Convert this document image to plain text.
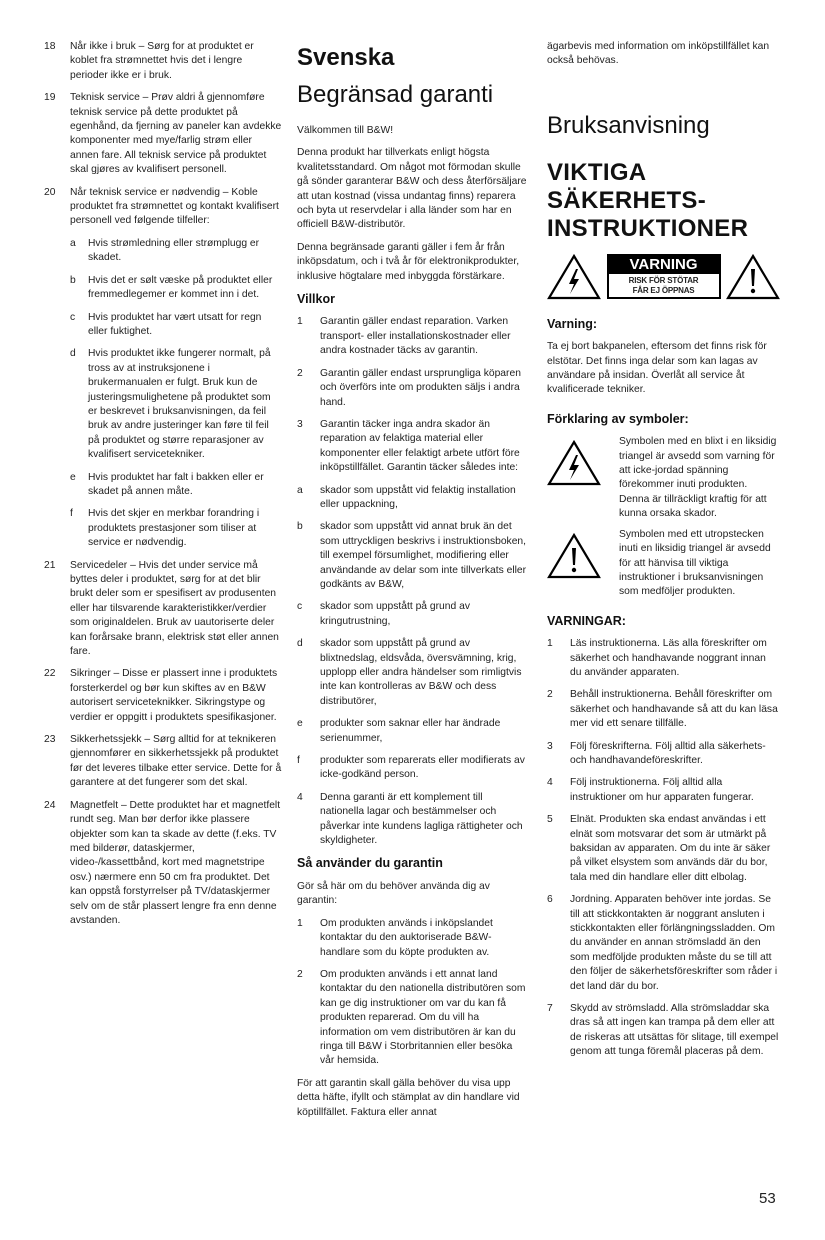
18	Når ikke i bruk – Sørg for at produktet er koblet fra strømnettet hvis det i lengre perioder ikke er i bruk.
19	Teknisk service – Prøv aldri å gjennomføre teknisk service på dette produktet på egenhånd, da fjerning av paneler kan avdekke komponenter med mye/farlig strøm eller annen fare. All teknisk service på produktet skal gjøres av kvalifisert personell.
20	Når teknisk service er nødvendig – Koble produktet fra strømnettet og kontakt kvalifisert personell ved følgende tilfeller:
a	Hvis strømledning eller strømplugg er skadet.
b	Hvis det er sølt væske på produktet eller fremmedlegemer er kommet inn i det.
c	Hvis produktet har vært utsatt for regn eller fuktighet.
d	Hvis produktet ikke fungerer normalt, på tross av at instruksjonene i brukermanualen er fulgt. Bruk kun de justeringsmulighetene på produktet som er beskrevet i bruksanvisningen, da feil bruk av andre justeringer kan føre til feil på produktet og større reparasjoner av kvalifisert servicetekniker.
e	Hvis produktet har falt i bakken eller er skadet på annen måte.
f	Hvis det skjer en merkbar forandring i produktets prestasjoner som tiliser at service er nødvendig.
21	Servicedeler – Hvis det under service må byttes deler i produktet, sørg for at det blir brukt deler som er spesifisert av produsenten eller har tilsvarende karakteristikker/verdier som originaldelen. Bruk av uautoriserte deler kan forårsake brann, elektrisk støt eller annen fare.
22	Sikringer – Disse er plassert inne i produktets forsterkerdel og bør kun skiftes av en B&W autorisert serviceteknikker. Sikringstype og verdier er oppgitt i produktets spesifikasjoner.
23	Sikkerhetssjekk – Sørg alltid for at teknikeren gjennomfører en sikkerhetssjekk på produktet før det leveres tilbake etter service. Dette for å garantere at det fungerer som det skal.
24	Magnetfelt – Dette produktet har et magnetfelt rundt seg. Man bør derfor ikke plassere objekter som kan ta skade av dette (f.eks. TV med bilderør, dataskjermer, video-/kassettbånd, kort med magnetstripe osv.) nærmere enn 50 cm fra produktet. Det kan oppstå forstyrrelser på TV/dataskjermer selv om de står plassert lengre fra enn denne avstanden.
Svenska
Begränsad garanti

Välkommen till B&W!

Denna produkt har tillverkats enligt högsta kvalitetsstandard. Om något mot förmodan skulle gå sönder garanterar B&W och dess återförsäljare att utan kostnad (vissa undantag finns) reparera och byta ut reservdelar i alla länder som har en officiell B&W-distributör.

Denna begränsade garanti gäller i fem år från inköpsdatum, och i två år för elektronikprodukter, inklusive högtalare med inbyggda förstärkare.

Villkor
1	Garantin gäller endast reparation. Varken transport- eller installationskostnader eller andra kostnader täcks av garantin.
2	Garantin gäller endast ursprungliga köparen och överförs inte om produkten säljs i andra hand.
3	Garantin täcker inga andra skador än reparation av felaktiga material eller komponenter eller felaktigt arbete utfört före inköpstillfället. Garantin täcker således inte:
a	skador som uppstått vid felaktig installation eller uppackning,
b	skador som uppstått vid annat bruk än det som uttryckligen beskrivs i instruktionsboken, till exempel försumlighet, modifiering eller användande av delar som inte tillverkats eller godkänts av B&W,
c	skador som uppstått på grund av kringutrustning,
d	skador som uppstått på grund av blixtnedslag, eldsvåda, översvämning, krig, upplopp eller andra händelser som rimligtvis inte kan kontrolleras av B&W och dess distributörer,
e	produkter som saknar eller har ändrade serienummer,
f	produkter som reparerats eller modifierats av icke-godkänd person.
4	Denna garanti är ett komplement till nationella lagar och bestämmelser och påverkar inte kundens lagliga rättigheter och skyldigheter.
Så använder du garantin

Gör så här om du behöver använda dig av garantin:

1	Om produkten används i inköpslandet kontaktar du den auktoriserade B&W-handlare som du köpte produkten av.
2	Om produkten används i ett annat land kontaktar du den nationella distributören som kan ge dig instruktioner om var du kan få produkten reparerad. Om du vill ha information om vem distributören är kan du ringa till B&W i Storbritannien eller besöka vår hemsida.

För att garantin skall gälla behöver du visa upp detta häfte, ifyllt och stämplat av din handlare vid köptillfället. Faktura eller annat

ägarbevis med information om inköpstillfället kan också behövas.

Bruksanvisning
VIKTIGA
SÄKERHETS-
INSTRUKTIONER
VARNING
RISK FÖR STÖTAR
FÅR EJ ÖPPNAS
Varning:

Ta ej bort bakpanelen, eftersom det finns risk för elstötar. Det finns inga delar som kan lagas av användare på insidan. Överlåt all service åt kvalificerade tekniker.

Förklaring av symboler:
Symbolen med en blixt i en liksidig triangel är avsedd som varning för att icke-jordad spänning förekommer inuti produkten. Denna är tillräckligt kraftig för att kunna orsaka skador.
Symbolen med ett utropstecken inuti en liksidig triangel är avsedd för att hänvisa till viktiga instruktioner i bruksanvisningen som medföljer produkten.
VARNINGAR:
1	Läs instruktionerna. Läs alla föreskrifter om säkerhet och handhavande noggrant innan du använder apparaten.
2	Behåll instruktionerna. Behåll föreskrifter om säkerhet och handhavande så att du kan läsa mer vid ett senare tillfälle.
3	Följ föreskrifterna. Följ alltid alla säkerhets- och handhavandeföreskrifter.
4	Följ instruktionerna. Följ alltid alla instruktioner om hur apparaten fungerar.
5	Elnät. Produkten ska endast användas i ett elnät som motsvarar det som är utmärkt på baksidan av apparaten. Om du inte är säker på vilket elsystem som används där du bor, tala med din handlare eller ditt elbolag.
6	Jordning. Apparaten behöver inte jordas. Se till att stickkontakten är noggrant ansluten i stickkontakten eller förlängningssladden. Om du använder en annan strömsladd än den som medföljde produkten måste du se till att den följer de säkerhetsföreskrifter som råder i det land där du bor.
7	Skydd av strömsladd. Alla strömsladdar ska dras så att ingen kan trampa på dem eller att de riskeras att utsättas för slitage, till exempel genom att tunga föremål placeras på dem.
53
